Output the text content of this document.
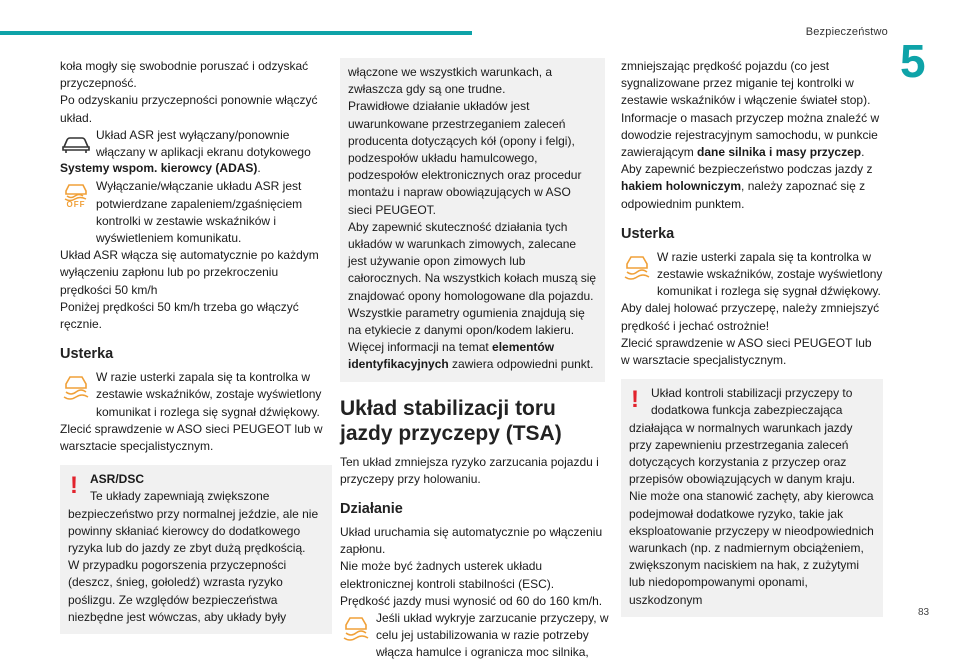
Bezpieczeństwo
5
83

koła mogły się swobodnie poruszać i odzyskać przyczepność.

Po odzyskaniu przyczepności ponownie włączyć układ.

Układ ASR jest wyłączany/ponownie włączany w aplikacji ekranu dotykowego

Systemy wspom. kierowcy (ADAS).

OFF
Wyłączanie/włączanie układu ASR jest potwierdzane zapaleniem/zgaśnięciem kontrolki w zestawie wskaźników i wyświetleniem komunikatu.

Układ ASR włącza się automatycznie po każdym wyłączeniu zapłonu lub po przekroczeniu prędkości 50 km/h

Poniżej prędkości 50 km/h trzeba go włączyć ręcznie.

Usterka
W razie usterki zapala się ta kontrolka w zestawie wskaźników, zostaje wyświetlony komunikat i rozlega się sygnał dźwiękowy.

Zlecić sprawdzenie w ASO sieci PEUGEOT lub w warsztacie specjalistycznym.

!	ASR/DSC

Te układy zapewniają zwiększone

bezpieczeństwo przy normalnej jeździe, ale nie powinny skłaniać kierowcy do dodatkowego ryzyka lub do jazdy ze zbyt dużą prędkością.

W przypadku pogorszenia przyczepności (deszcz, śnieg, gołoledź) wzrasta ryzyko poślizgu. Ze względów bezpieczeństwa niezbędne jest wówczas, aby układy były

włączone we wszystkich warunkach, a zwłaszcza gdy są one trudne.

Prawidłowe działanie układów jest uwarunkowane przestrzeganiem zaleceń producenta dotyczących kół (opony i felgi), podzespołów układu hamulcowego, podzespołów elektronicznych oraz procedur montażu i napraw obowiązujących w ASO sieci PEUGEOT.

Aby zapewnić skuteczność działania tych układów w warunkach zimowych, zalecane jest używanie opon zimowych lub całorocznych. Na wszystkich kołach muszą się znajdować opony homologowane dla pojazdu.

Wszystkie parametry ogumienia znajdują się na etykiecie z danymi opon/kodem lakieru.

Więcej informacji na temat elementów identyfikacyjnych zawiera odpowiedni punkt.

Układ stabilizacji toru jazdy przyczepy (TSA)

Ten układ zmniejsza ryzyko zarzucania pojazdu i przyczepy przy holowaniu.

Działanie

Układ uruchamia się automatycznie po włączeniu zapłonu.

Nie może być żadnych usterek układu elektronicznej kontroli stabilności (ESC).

Prędkość jazdy musi wynosić od 60 do 160 km/h.

Jeśli układ wykryje zarzucanie przyczepy, w celu jej ustabilizowania w razie potrzeby włącza hamulce i ogranicza moc silnika,

zmniejszając prędkość pojazdu (co jest sygnalizowane przez miganie tej kontrolki w zestawie wskaźników i włączenie świateł stop).

Informacje o masach przyczep można znaleźć w dowodzie rejestracyjnym samochodu, w punkcie zawierającym dane silnika i masy przyczep.

Aby zapewnić bezpieczeństwo podczas jazdy z hakiem holowniczym, należy zapoznać się z odpowiednim punktem.

Usterka
W razie usterki zapala się ta kontrolka w zestawie wskaźników, zostaje wyświetlony komunikat i rozlega się sygnał dźwiękowy.

Aby dalej holować przyczepę, należy zmniejszyć prędkość i jechać ostrożnie!

Zlecić sprawdzenie w ASO sieci PEUGEOT lub w warsztacie specjalistycznym.

!	Układ kontroli stabilizacji przyczepy to

dodatkowa funkcja zabezpieczająca

działająca w normalnych warunkach jazdy przy zapewnieniu przestrzegania zaleceń dotyczących korzystania z przyczep oraz przepisów obowiązujących w danym kraju. Nie może ona stanowić zachęty, aby kierowca podejmował dodatkowe ryzyko, takie jak eksploatowanie przyczepy w nieodpowiednich warunkach (np. z nadmiernym obciążeniem, zwiększonym naciskiem na hak, z zużytymi lub niedopompowanymi oponami, uszkodzonym
